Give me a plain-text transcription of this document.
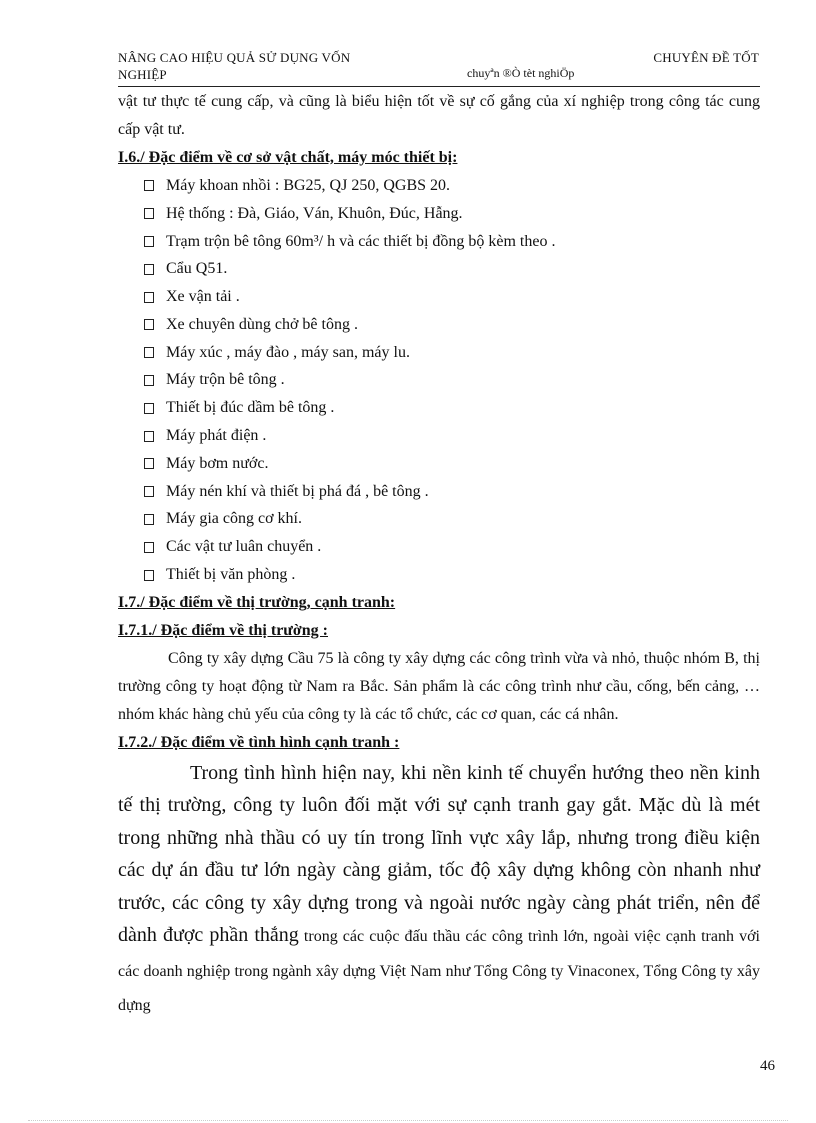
NÂNG CAO HIỆU QUẢ SỬ DỤNG VỐN
NGHIỆP
CHUYÊN ĐỀ TỐT
chuyªn ®Ò tèt nghiÖp

vật tư thực tế cung cấp, và cũng là biểu hiện tốt về sự cố gắng của xí nghiệp trong công tác cung cấp vật tư.

I.6./ Đặc điểm về cơ sở vật chất, máy móc thiết bị:

Máy khoan nhồi : BG25, QJ 250, QGBS 20.
Hệ thống : Đà, Giáo, Ván, Khuôn, Đúc, Hẫng.
Trạm trộn bê tông 60m³/ h và các thiết bị đồng bộ kèm theo .
Cẩu Q51.
Xe vận tải .
Xe chuyên dùng chở bê tông .
Máy xúc , máy đào , máy san, máy lu.
Máy trộn bê tông .
Thiết bị đúc dầm bê tông .
Máy phát điện .
Máy bơm nước.
Máy nén khí và thiết bị phá đá , bê tông .
Máy gia công cơ khí.
Các vật tư luân chuyển .
Thiết bị văn phòng .

I.7./ Đặc điểm về thị trường, cạnh tranh:

I.7.1./ Đặc điểm về thị trường :

Công ty xây dựng Cầu 75 là công ty xây dựng các công trình vừa và nhỏ, thuộc nhóm B, thị trường công ty hoạt động từ Nam ra Bắc. Sản phẩm là các công trình như cầu, cống, bến cảng, … nhóm khác hàng chủ yếu của công ty là các tổ chức, các cơ quan, các cá nhân.

I.7.2./ Đặc điểm về tình hình cạnh tranh :

Trong tình hình hiện nay, khi nền kinh tế chuyển hướng theo nền kinh tế thị trường, công ty luôn đối mặt với sự cạnh tranh gay gắt. Mặc dù là mét trong những nhà thầu có uy tín trong lĩnh vực xây lắp, nhưng trong điều kiện các dự án đầu tư lớn ngày càng giảm, tốc độ xây dựng không còn nhanh như trước, các công ty xây dựng trong và ngoài nước ngày càng phát triển, nên để dành được phần thắng trong các cuộc đấu thầu các công trình lớn, ngoài việc cạnh tranh với các doanh nghiệp trong ngành xây dựng Việt Nam như Tổng Công ty Vinaconex, Tổng Công ty xây dựng

46
